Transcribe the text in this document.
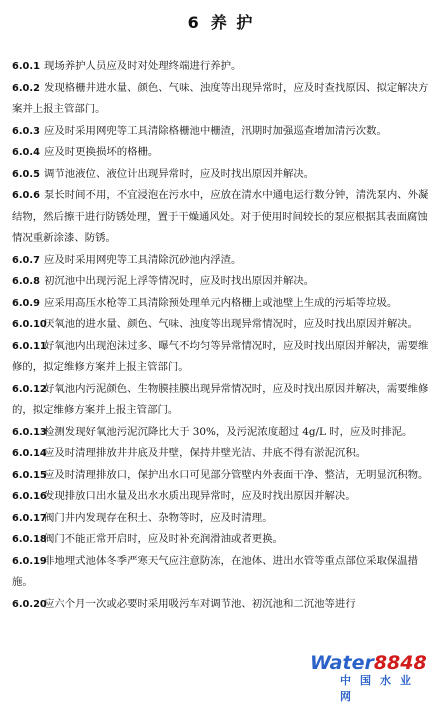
6 养 护
6.0.1 现场养护人员应及时对处理终端进行养护。
6.0.2 发现格栅井进水量、颜色、气味、浊度等出现异常时，应及时查找原因、拟定解决方案并上报主管部门。
6.0.3 应及时采用网兜等工具清除格栅池中栅渣，汛期时加强巡查增加清污次数。
6.0.4 应及时更换损坏的格栅。
6.0.5 调节池液位、液位计出现异常时，应及时找出原因并解决。
6.0.6 泵长时间不用，不宜浸泡在污水中，应放在清水中通电运行数分钟，清洗泵内、外凝结物，然后擦干进行防锈处理，置于干燥通风处。对于使用时间较长的泵应根据其表面腐蚀情况重新涂漆、防锈。
6.0.7 应及时采用网兜等工具清除沉砂池内浮渣。
6.0.8 初沉池中出现污泥上浮等情况时，应及时找出原因并解决。
6.0.9 应采用高压水枪等工具清除预处理单元内格栅上或池壁上生成的污垢等垃圾。
6.0.10
厌氧池的进水量、颜色、气味、浊度等出现异常情况时，应及时找出原因并解决。
6.0.11
好氧池内出现泡沫过多、曝气不均匀等异常情况时，应及时找出原因并解决，需要维修的，拟定维修方案并上报主管部门。
6.0.12
好氧池内污泥颜色、生物膜挂膜出现异常情况时，应及时找出原因并解决，需要维修的，拟定维修方案并上报主管部门。
6.0.13
检测发现好氧池污泥沉降比大于 30%，及污泥浓度超过 4g/L 时，应及时排泥。
6.0.14
应及时清理排放井井底及井壁，保持井壁光洁、井底不得有淤泥沉积。
6.0.15
应及时清理排放口，保护出水口可见部分管壁内外表面干净、整洁，无明显沉积物。
6.0.16
发现排放口出水量及出水水质出现异常时，应及时找出原因并解决。
6.0.17
阀门井内发现存在积土、杂物等时，应及时清理。
6.0.18
阀门不能正常开启时，应及时补充润滑油或者更换。
6.0.19
非地埋式池体冬季严寒天气应注意防冻，在池体、进出水管等重点部位采取保温措施。
6.0.20
应六个月一次或必要时采用吸污车对调节池、初沉池和二沉池等进行
Water8848
中国水业网
